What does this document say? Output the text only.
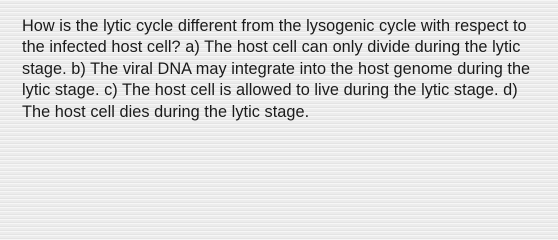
How is the lytic cycle different from the lysogenic cycle with respect to the infected host cell? a) The host cell can only divide during the lytic stage. b) The viral DNA may integrate into the host genome during the lytic stage. c) The host cell is allowed to live during the lytic stage. d) The host cell dies during the lytic stage.
